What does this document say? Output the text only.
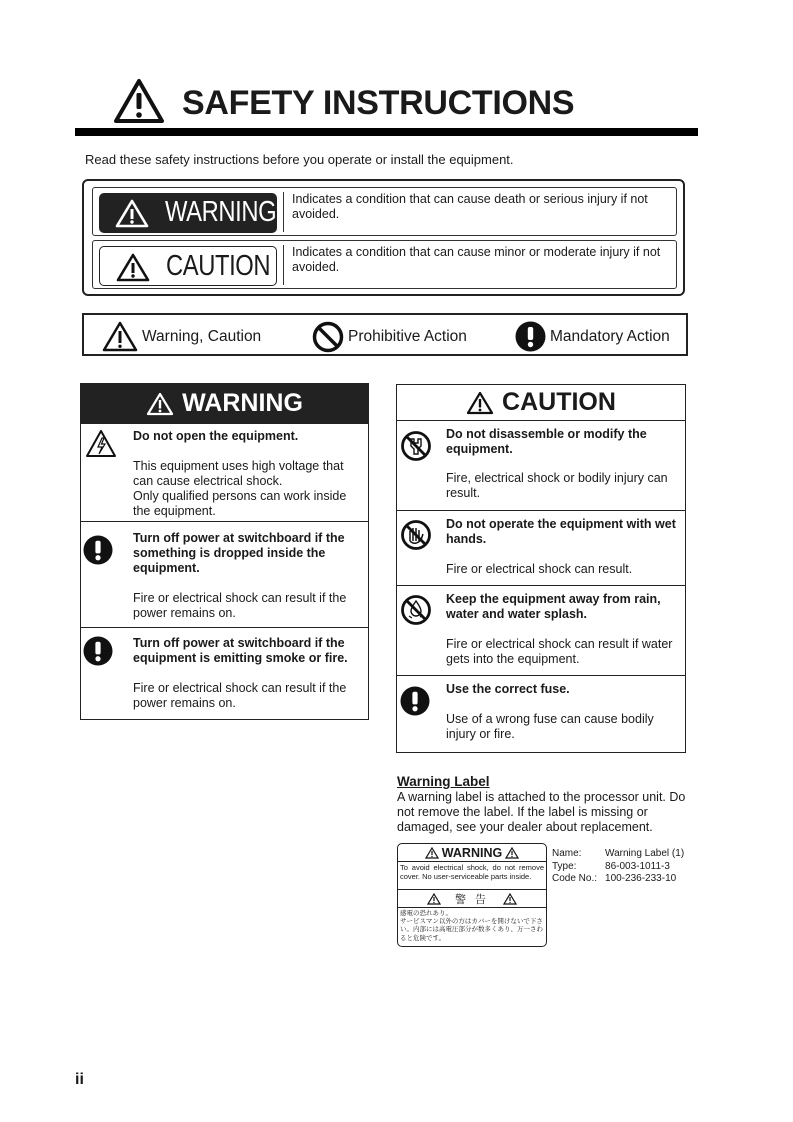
SAFETY INSTRUCTIONS
Read these safety instructions before you operate or install the equipment.
WARNING	Indicates a condition that can cause death or serious injury if not avoided.
CAUTION	Indicates a condition that can cause minor or moderate injury if not avoided.
Warning, Caution	Prohibitive Action	Mandatory Action
WARNING
Do not open the equipment.
This equipment uses high voltage that can cause electrical shock.
Only qualified persons can work inside the equipment.
Turn off power at switchboard if the something is dropped inside the equipment.
Fire or electrical shock can result if the power remains on.
Turn off power at switchboard if the equipment is emitting smoke or fire.
Fire or electrical shock can result if the power remains on.
CAUTION
Do not disassemble or modify the equipment.
Fire, electrical shock or bodily injury can result.
Do not operate the equipment with wet hands.
Fire or electrical shock can result.
Keep the equipment away from rain, water and water splash.
Fire or electrical shock can result if water gets into the equipment.
Use the correct fuse.
Use of a wrong fuse can cause bodily injury or fire.
Warning Label
A warning label is attached to the processor unit. Do not remove the label. If the label is missing or damaged, see your dealer about replacement.
WARNING
To avoid electrical shock, do not remove cover. No user-serviceable parts inside.
警 告
感電の恐れあり。
サービスマン以外の方はカバーを開けないで下さい。内部には高電圧部分が数多くあり、万一さわると危険です。
Name:	Warning Label (1)
Type:	86-003-1011-3
Code No.:	100-236-233-10
ii
